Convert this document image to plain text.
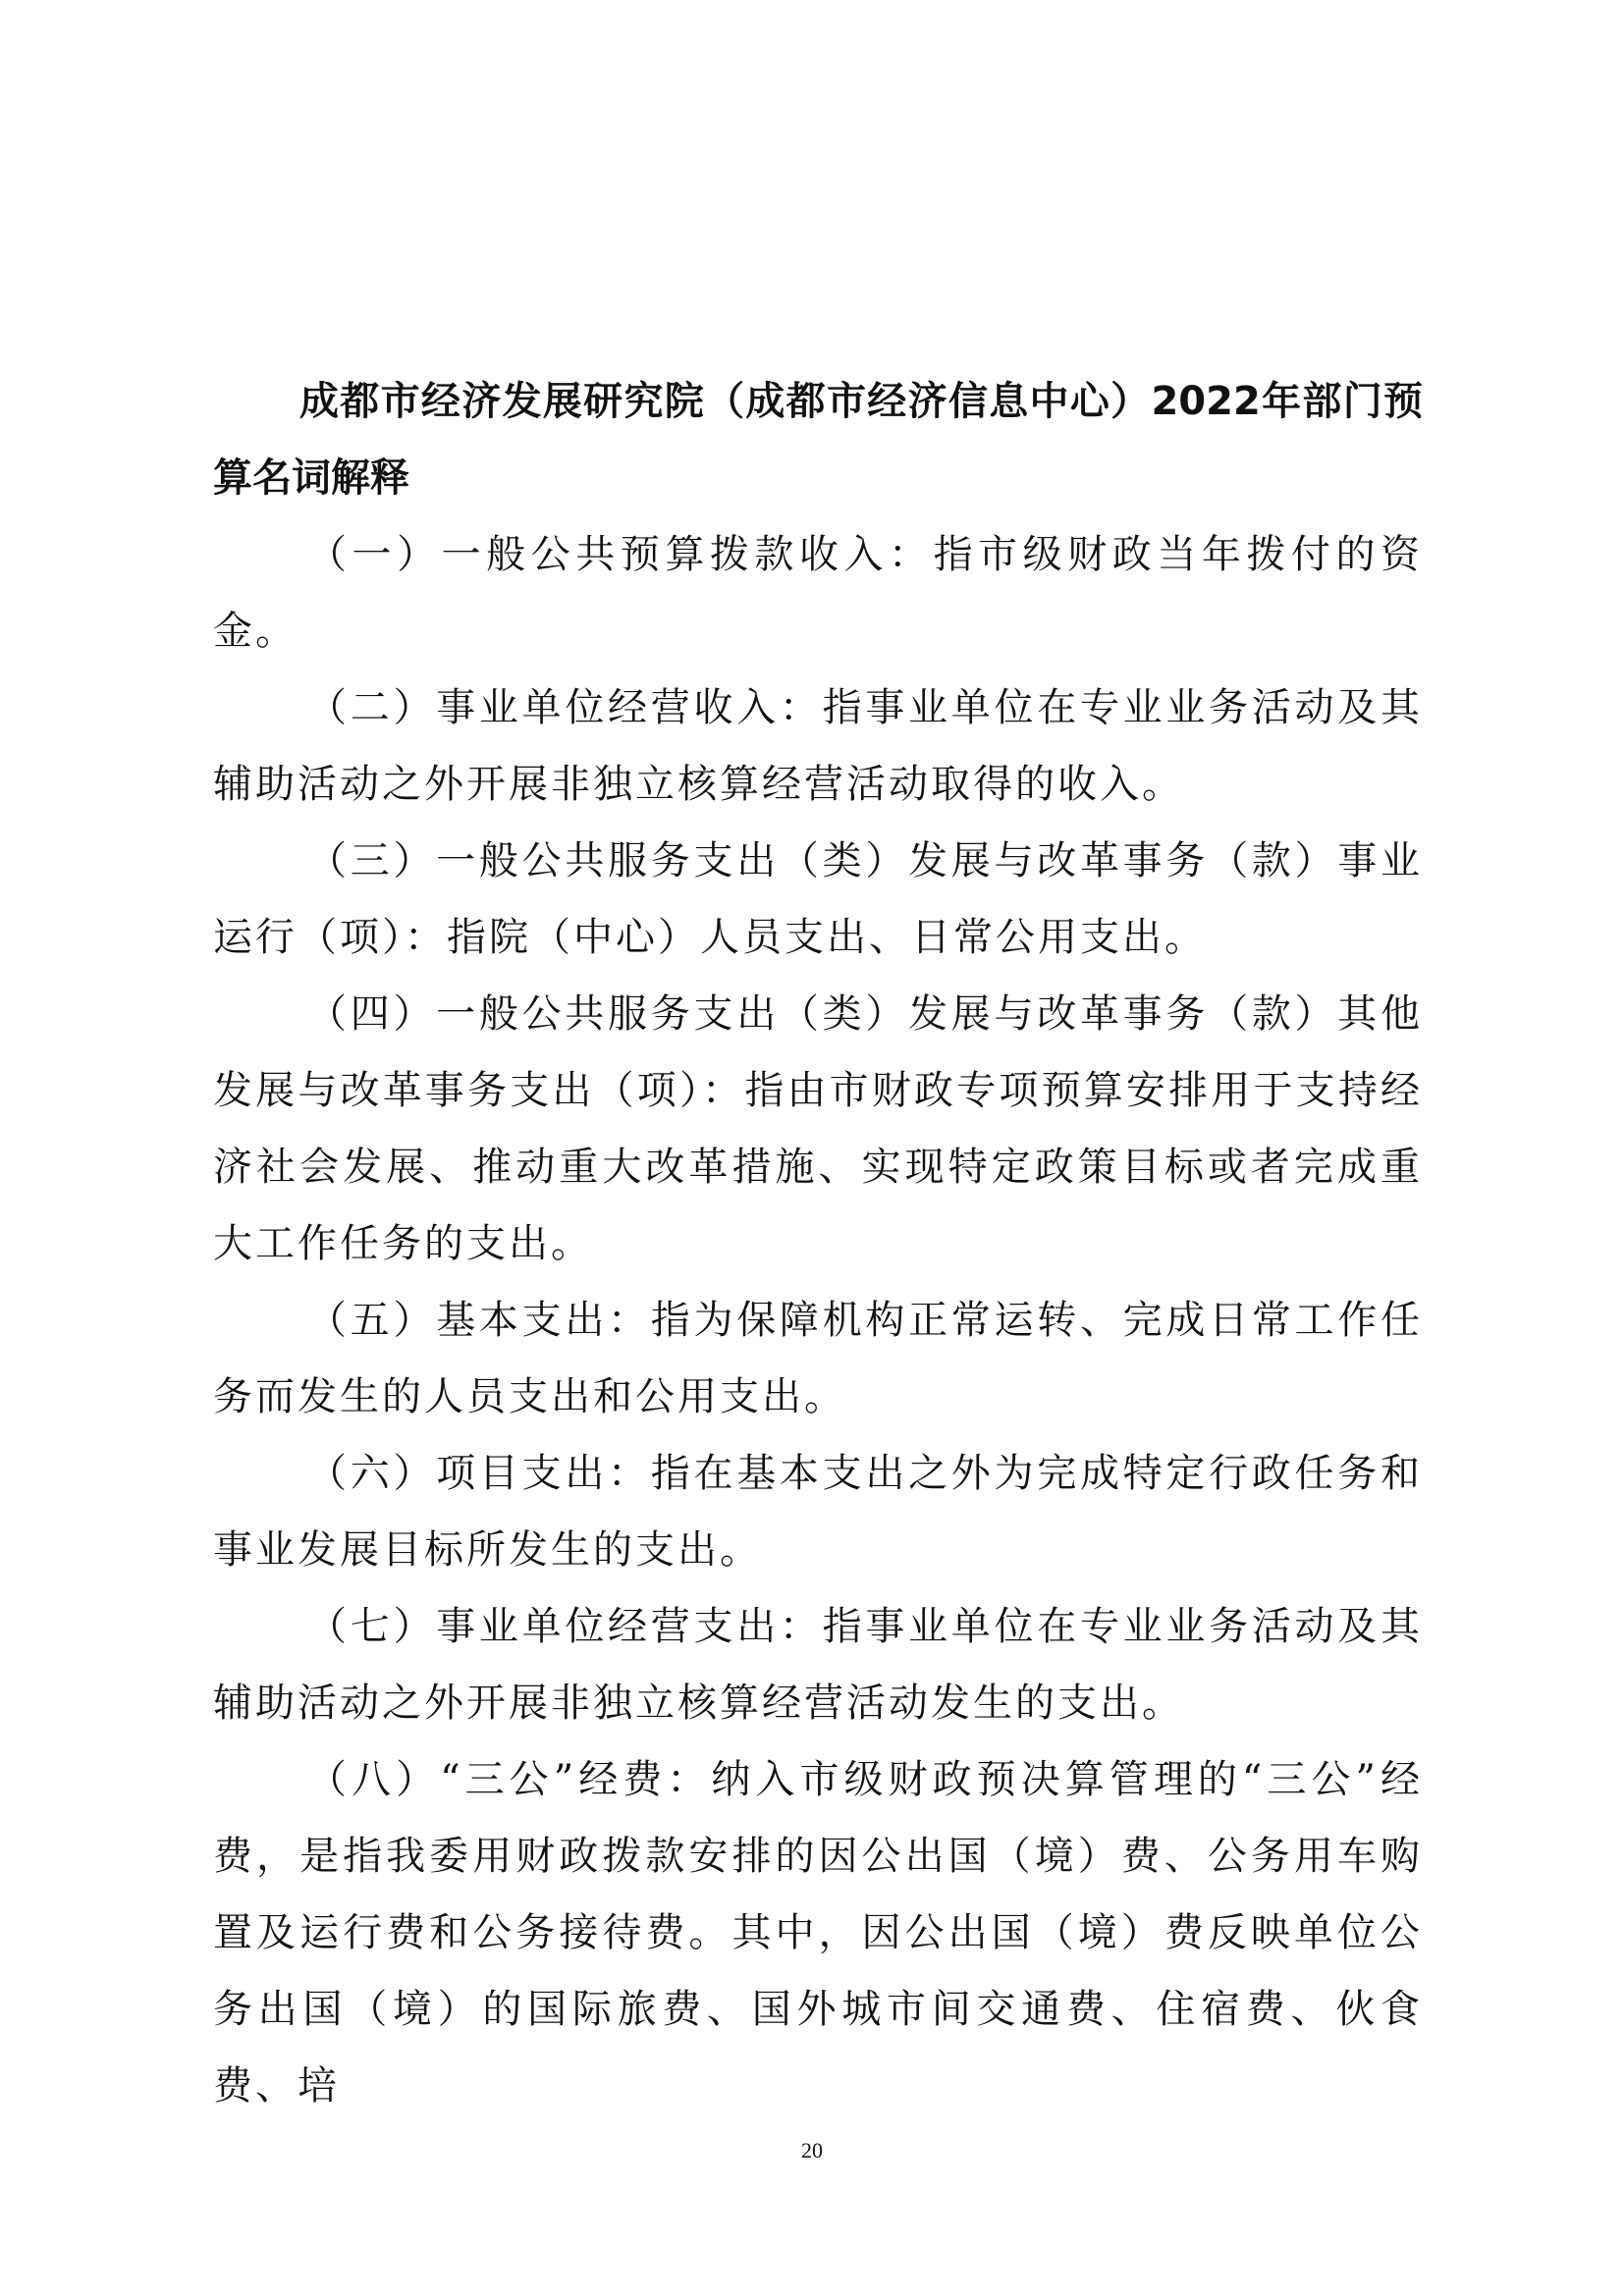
成都市经济发展研究院（成都市经济信息中心）2022年部门预算名词解释

（一）一般公共预算拨款收入：指市级财政当年拨付的资金。

（二）事业单位经营收入：指事业单位在专业业务活动及其辅助活动之外开展非独立核算经营活动取得的收入。

（三）一般公共服务支出（类）发展与改革事务（款）事业运行（项）：指院（中心）人员支出、日常公用支出。

（四）一般公共服务支出（类）发展与改革事务（款）其他发展与改革事务支出（项）：指由市财政专项预算安排用于支持经济社会发展、推动重大改革措施、实现特定政策目标或者完成重大工作任务的支出。

（五）基本支出：指为保障机构正常运转、完成日常工作任务而发生的人员支出和公用支出。

（六）项目支出：指在基本支出之外为完成特定行政任务和事业发展目标所发生的支出。

（七）事业单位经营支出：指事业单位在专业业务活动及其辅助活动之外开展非独立核算经营活动发生的支出。

（八）“三公”经费：纳入市级财政预决算管理的“三公”经费，是指我委用财政拨款安排的因公出国（境）费、公务用车购置及运行费和公务接待费。其中，因公出国（境）费反映单位公务出国（境）的国际旅费、国外城市间交通费、住宿费、伙食费、培

20
